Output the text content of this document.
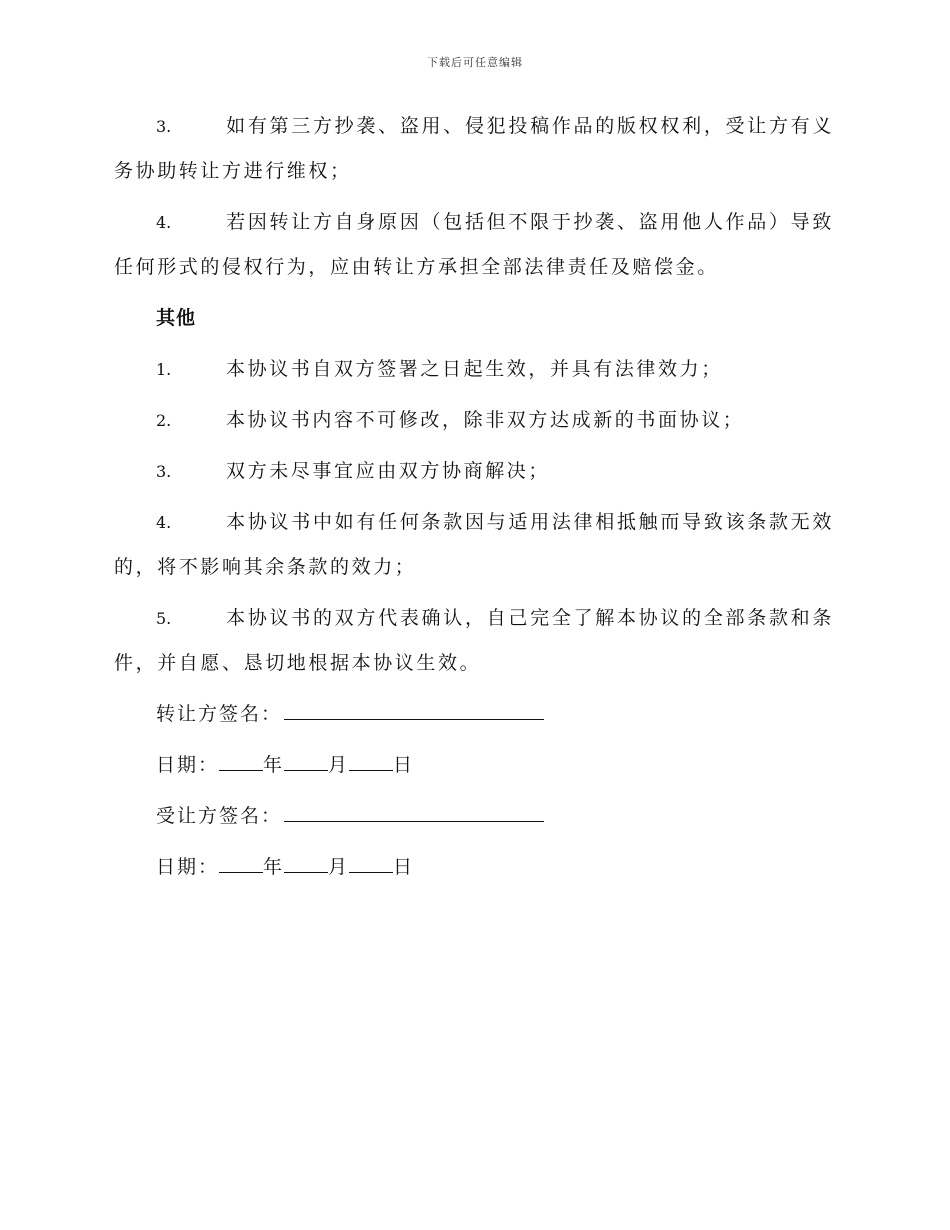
下载后可任意编辑

3.	如有第三方抄袭、盗用、侵犯投稿作品的版权权利，受让方有义务协助转让方进行维权；

4.	若因转让方自身原因（包括但不限于抄袭、盗用他人作品）导致任何形式的侵权行为，应由转让方承担全部法律责任及赔偿金。

其他

1.	本协议书自双方签署之日起生效，并具有法律效力；

2.	本协议书内容不可修改，除非双方达成新的书面协议；

3.	双方未尽事宜应由双方协商解决；

4.	本协议书中如有任何条款因与适用法律相抵触而导致该条款无效的，将不影响其余条款的效力；

5.	本协议书的双方代表确认，自己完全了解本协议的全部条款和条件，并自愿、恳切地根据本协议生效。

转让方签名：

日期： 年 月 日

受让方签名：

日期： 年 月 日
